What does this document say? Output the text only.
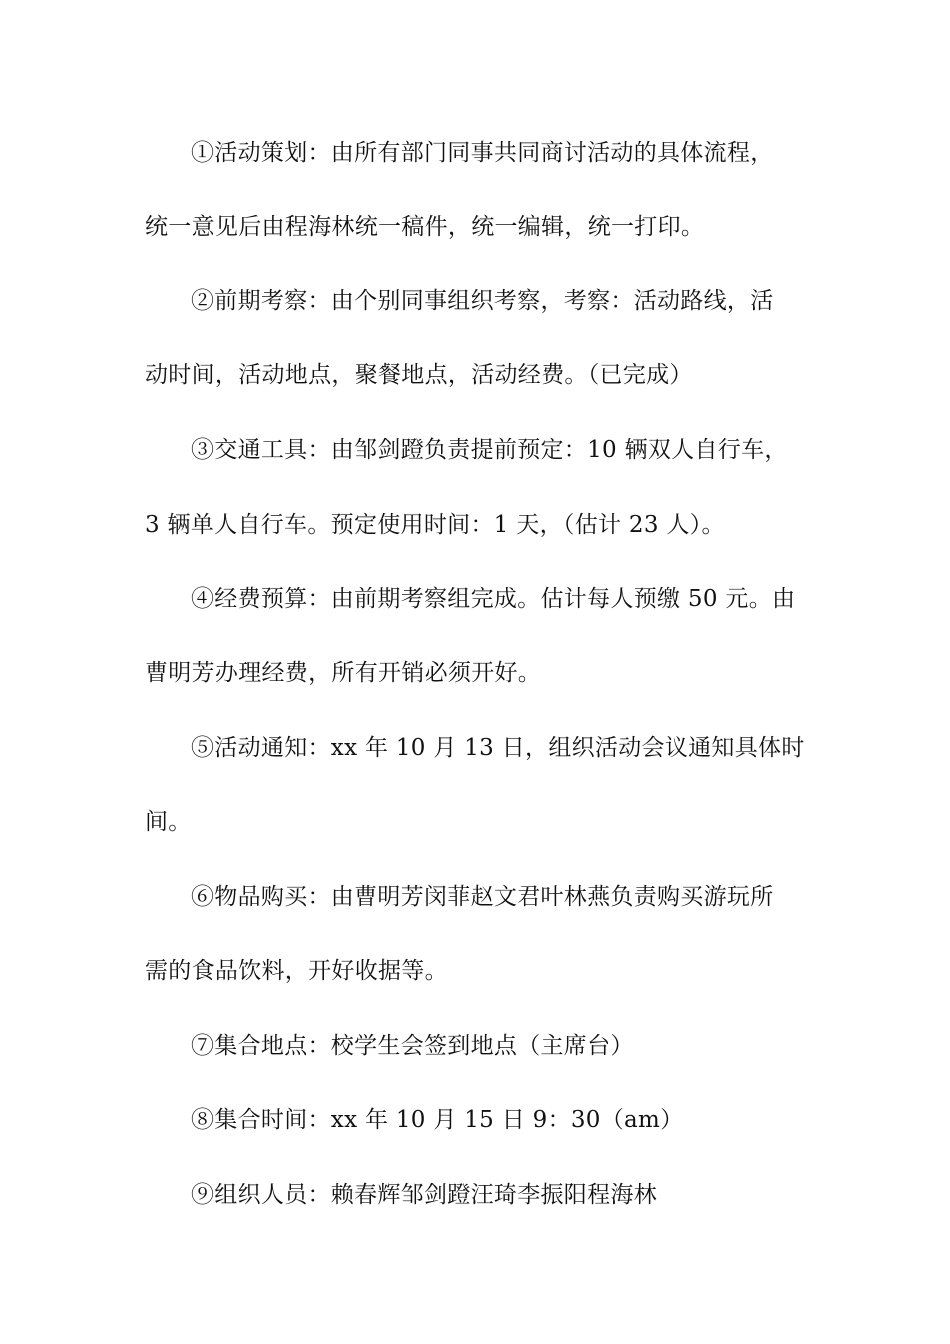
①活动策划：由所有部门同事共同商讨活动的具体流程，
统一意见后由程海林统一稿件，统一编辑，统一打印。
②前期考察：由个别同事组织考察，考察：活动路线，活
动时间，活动地点，聚餐地点，活动经费。（已完成）
③交通工具：由邹剑蹬负责提前预定：10 辆双人自行车，
3 辆单人自行车。预定使用时间：1 天，（估计 23 人）。
④经费预算：由前期考察组完成。估计每人预缴 50 元。由
曹明芳办理经费，所有开销必须开好。
⑤活动通知：xx 年 10 月 13 日，组织活动会议通知具体时
间。
⑥物品购买：由曹明芳闵菲赵文君叶林燕负责购买游玩所
需的食品饮料，开好收据等。
⑦集合地点：校学生会签到地点（主席台）
⑧集合时间：xx 年 10 月 15 日 9：30（am）
⑨组织人员：赖春辉邹剑蹬汪琦李振阳程海林
